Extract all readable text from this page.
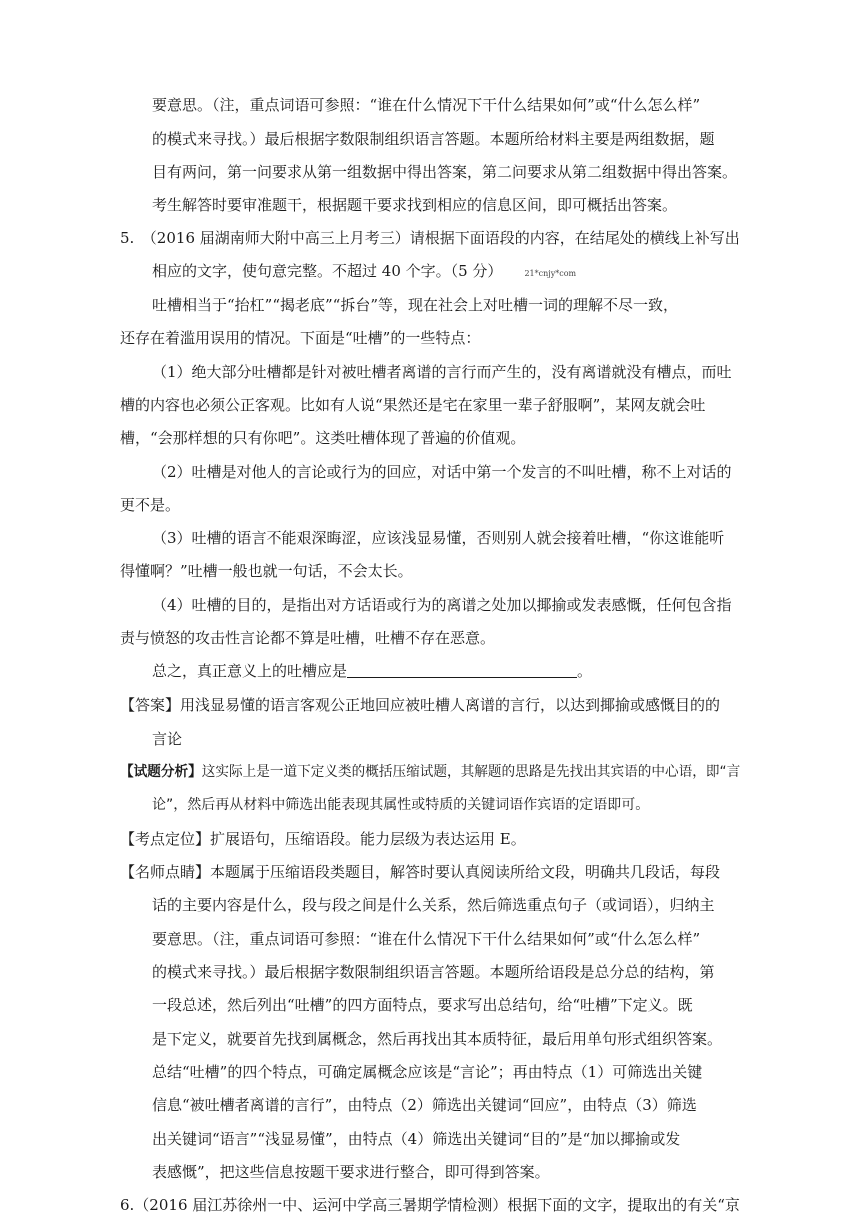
要意思。（注，重点词语可参照：“谁在什么情况下干什么结果如何”或“什么怎么样”
的模式来寻找。）最后根据字数限制组织语言答题。本题所给材料主要是两组数据，题
目有两问，第一问要求从第一组数据中得出答案，第二问要求从第二组数据中得出答案。
考生解答时要审准题干，根据题干要求找到相应的信息区间，即可概括出答案。
5.　（2016 届湖南师大附中高三上月考三）请根据下面语段的内容，在结尾处的横线上补写出
相应的文字，使句意完整。不超过 40 个字。（5 分）	21*cnjy*com
吐槽相当于“抬杠”“揭老底”“拆台”等，现在社会上对吐槽一词的理解不尽一致，
还存在着滥用误用的情况。下面是“吐槽”的一些特点：
（1）绝大部分吐槽都是针对被吐槽者离谱的言行而产生的，没有离谱就没有槽点，而吐
槽的内容也必须公正客观。比如有人说“果然还是宅在家里一辈子舒服啊”，某网友就会吐
槽，“会那样想的只有你吧”。这类吐槽体现了普遍的价值观。
（2）吐槽是对他人的言论或行为的回应，对话中第一个发言的不叫吐槽，称不上对话的
更不是。
（3）吐槽的语言不能艰深晦涩，应该浅显易懂，否则别人就会接着吐槽，“你这谁能听
得懂啊？”吐槽一般也就一句话，不会太长。
（4）吐槽的目的，是指出对方话语或行为的离谱之处加以揶揄或发表感慨，任何包含指
责与愤怒的攻击性言论都不算是吐槽，吐槽不存在恶意。
总之，真正意义上的吐槽应是	。
【答案】用浅显易懂的语言客观公正地回应被吐槽人离谱的言行，以达到揶揄或感慨目的的
言论
【试题分析】这实际上是一道下定义类的概括压缩试题，其解题的思路是先找出其宾语的中心语，即“言
论”，然后再从材料中筛选出能表现其属性或特质的关键词语作宾语的定语即可。
【考点定位】扩展语句，压缩语段。能力层级为表达运用 E。
【名师点睛】本题属于压缩语段类题目，解答时要认真阅读所给文段，明确共几段话，每段
话的主要内容是什么，段与段之间是什么关系，然后筛选重点句子（或词语），归纳主
要意思。（注，重点词语可参照：“谁在什么情况下干什么结果如何”或“什么怎么样”
的模式来寻找。）最后根据字数限制组织语言答题。本题所给语段是总分总的结构，第
一段总述，然后列出“吐槽”的四方面特点，要求写出总结句，给“吐槽”下定义。既
是下定义，就要首先找到属概念，然后再找出其本质特征，最后用单句形式组织答案。
总结“吐槽”的四个特点，可确定属概念应该是“言论”；再由特点（1）可筛选出关键
信息“被吐槽者离谱的言行”，由特点（2）筛选出关键词“回应”，由特点（3）筛选
出关键词“语言”“浅显易懂”，由特点（4）筛选出关键词“目的”是“加以揶揄或发
表感慨”，把这些信息按题干要求进行整合，即可得到答案。
6.（2016 届江苏徐州一中、运河中学高三暑期学情检测）根据下面的文字，提取出的有关“京
